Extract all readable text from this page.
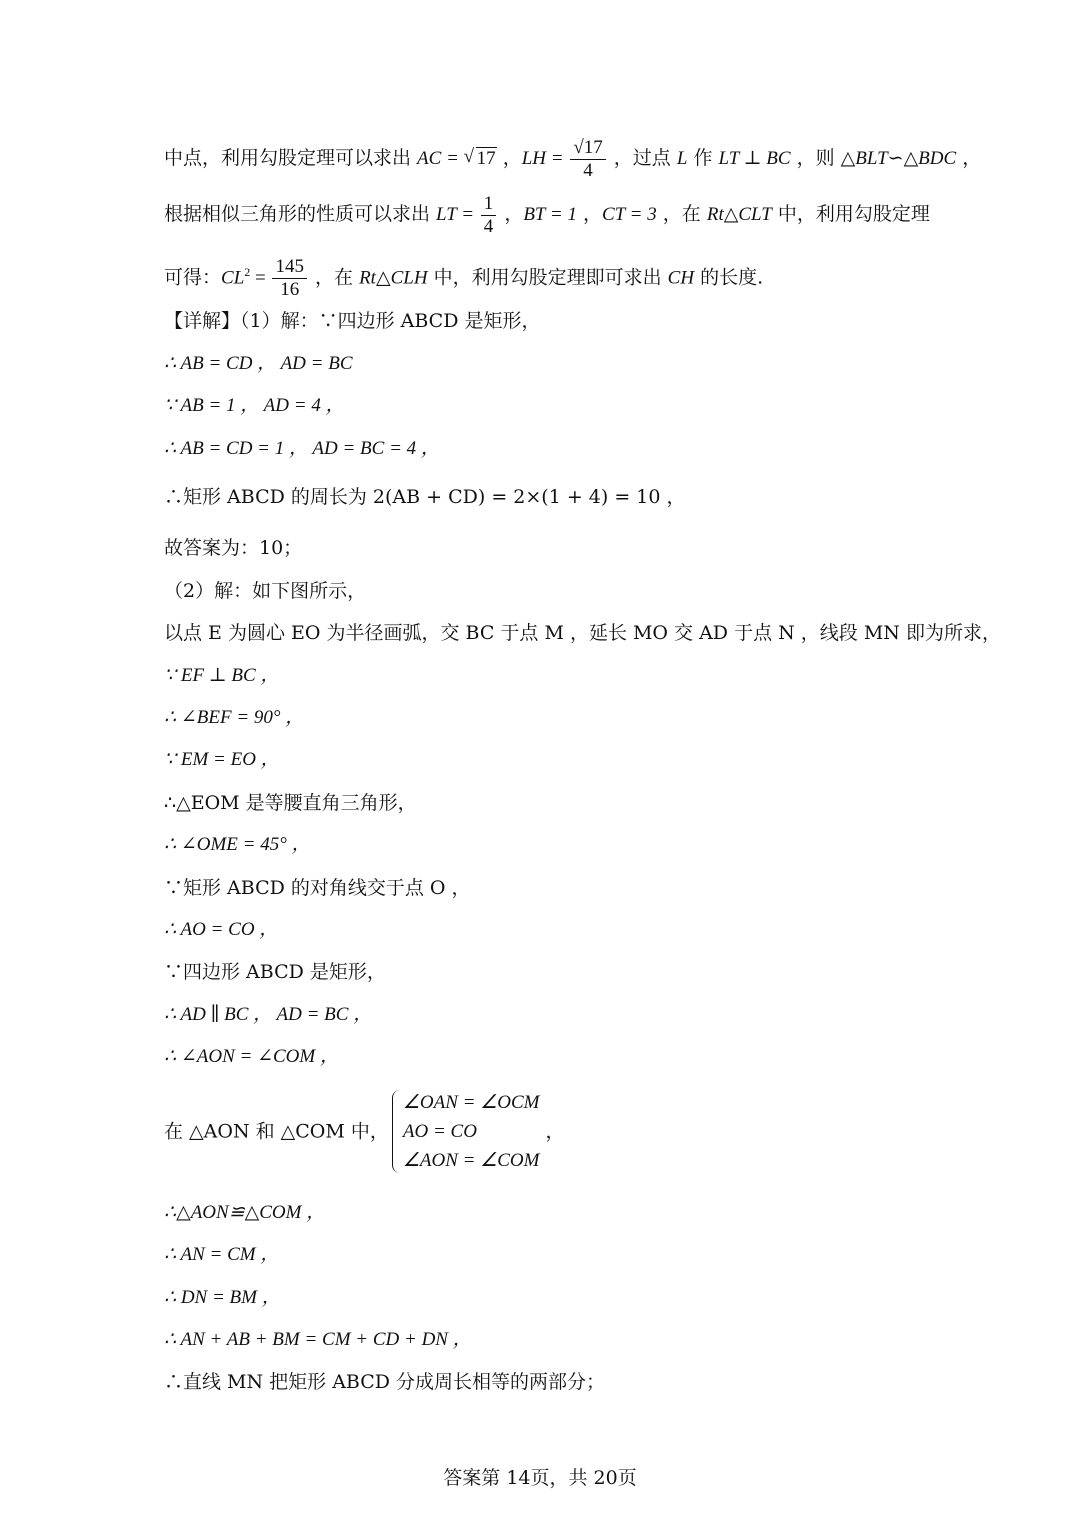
中点，利用勾股定理可以求出 AC = √ 17 ，LH = $\frac{√17}{4}$ ，过点 L 作 LT ⊥ BC ，则 △BLT∽△BDC ，
根据相似三角形的性质可以求出 LT = $\frac{1}{4}$ ，BT = 1 ，CT = 3 ，在 Rt△CLT 中，利用勾股定理
可得：$CL^2 = \frac{145}{16}$ ，在 Rt△CLH 中，利用勾股定理即可求出 CH 的长度.
【详解】（1）解：∵四边形 ABCD 是矩形，
∴ AB = CD ， AD = BC
∵ AB = 1 ， AD = 4 ，
∴ AB = CD = 1 ， AD = BC = 4 ，
∴矩形 ABCD 的周长为 2(AB + CD) = 2×(1 + 4) = 10 ，
故答案为：10；
（2）解：如下图所示，
以点 E 为圆心 EO 为半径画弧，交 BC 于点 M ，延长 MO 交 AD 于点 N ，线段 MN 即为所求，
∵ EF ⊥ BC ，
∴ ∠BEF = 90° ，
∵ EM = EO ，
∴△EOM 是等腰直角三角形，
∴ ∠OME = 45° ，
∵矩形 ABCD 的对角线交于点 O ，
∴ AO = CO ，
∵四边形 ABCD 是矩形，
∴ AD ∥ BC ， AD = BC ，
∴ ∠AON = ∠COM ，
在 △AON 和 △COM 中，
∠OAN = ∠OCM
AO = CO
∠AON = ∠COM
，
∴△AON≌△COM ，
∴ AN = CM ，
∴ DN = BM ，
∴ AN + AB + BM = CM + CD + DN ，
∴直线 MN 把矩形 ABCD 分成周长相等的两部分；
答案第 14页，共 20页
